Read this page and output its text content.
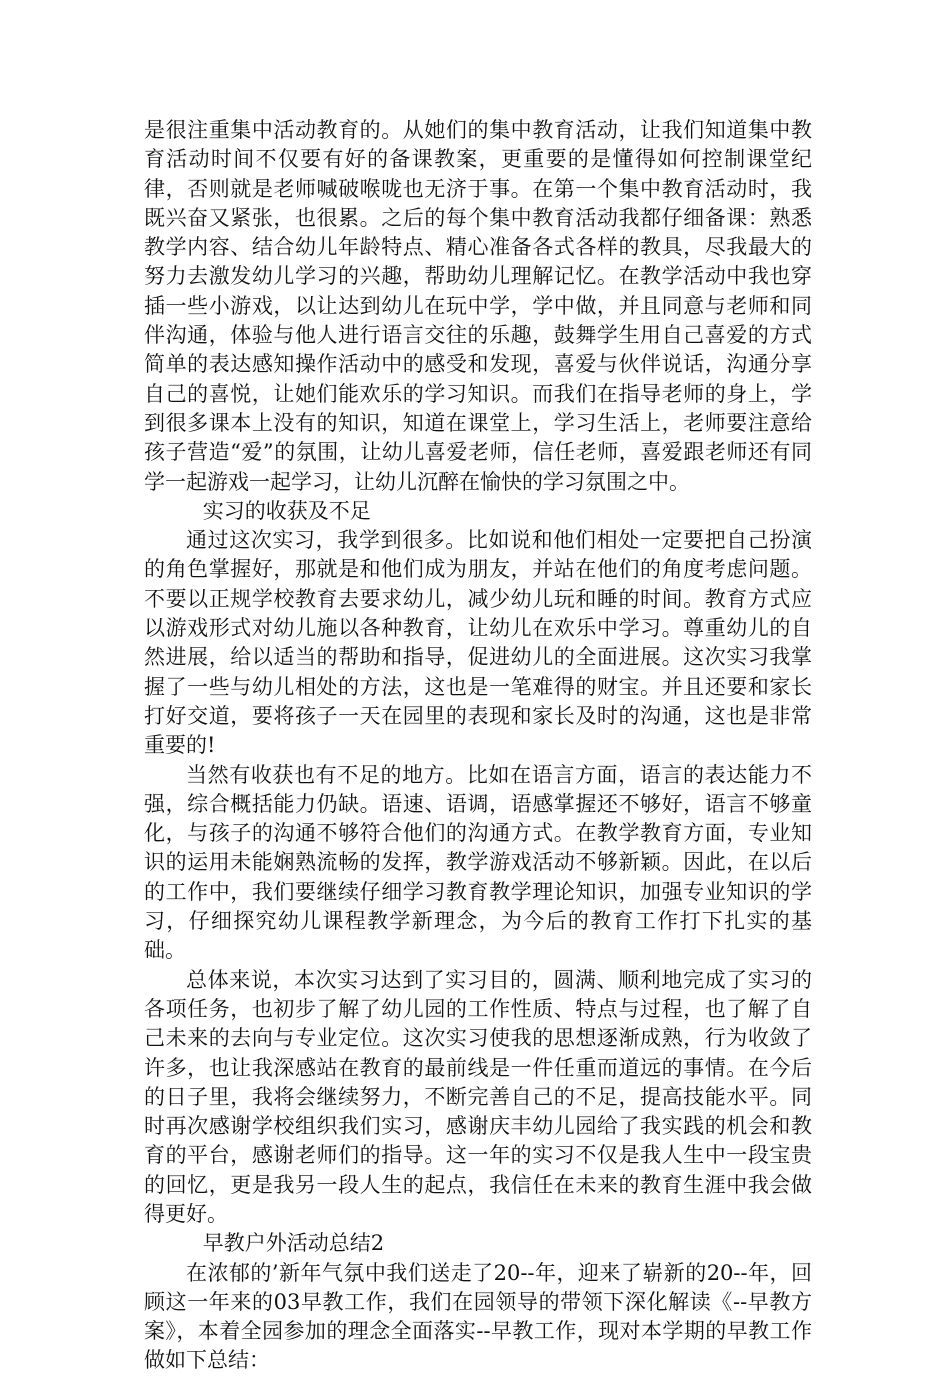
是很注重集中活动教育的。从她们的集中教育活动，让我们知道集中教育活动时间不仅要有好的备课教案，更重要的是懂得如何控制课堂纪律，否则就是老师喊破喉咙也无济于事。在第一个集中教育活动时，我既兴奋又紧张，也很累。之后的每个集中教育活动我都仔细备课：熟悉教学内容、结合幼儿年龄特点、精心准备各式各样的教具，尽我最大的努力去激发幼儿学习的兴趣，帮助幼儿理解记忆。在教学活动中我也穿插一些小游戏，以让达到幼儿在玩中学，学中做，并且同意与老师和同伴沟通，体验与他人进行语言交往的乐趣，鼓舞学生用自己喜爱的方式简单的表达感知操作活动中的感受和发现，喜爱与伙伴说话，沟通分享自己的喜悦，让她们能欢乐的学习知识。而我们在指导老师的身上，学到很多课本上没有的知识，知道在课堂上，学习生活上，老师要注意给孩子营造“爱”的氛围，让幼儿喜爱老师，信任老师，喜爱跟老师还有同学一起游戏一起学习，让幼儿沉醉在愉快的学习氛围之中。

实习的收获及不足

通过这次实习，我学到很多。比如说和他们相处一定要把自己扮演的角色掌握好，那就是和他们成为朋友，并站在他们的角度考虑问题。不要以正规学校教育去要求幼儿，减少幼儿玩和睡的时间。教育方式应以游戏形式对幼儿施以各种教育，让幼儿在欢乐中学习。尊重幼儿的自然进展，给以适当的帮助和指导，促进幼儿的全面进展。这次实习我掌握了一些与幼儿相处的方法，这也是一笔难得的财宝。并且还要和家长打好交道，要将孩子一天在园里的表现和家长及时的沟通，这也是非常重要的!

当然有收获也有不足的地方。比如在语言方面，语言的表达能力不强，综合概括能力仍缺。语速、语调，语感掌握还不够好，语言不够童化，与孩子的沟通不够符合他们的沟通方式。在教学教育方面，专业知识的运用未能娴熟流畅的发挥，教学游戏活动不够新颖。因此，在以后的工作中，我们要继续仔细学习教育教学理论知识，加强专业知识的学习，仔细探究幼儿课程教学新理念，为今后的教育工作打下扎实的基础。

总体来说，本次实习达到了实习目的，圆满、顺利地完成了实习的各项任务，也初步了解了幼儿园的工作性质、特点与过程，也了解了自己未来的去向与专业定位。这次实习使我的思想逐渐成熟，行为收敛了许多，也让我深感站在教育的最前线是一件任重而道远的事情。在今后的日子里，我将会继续努力，不断完善自己的不足，提高技能水平。同时再次感谢学校组织我们实习，感谢庆丰幼儿园给了我实践的机会和教育的平台，感谢老师们的指导。这一年的实习不仅是我人生中一段宝贵的回忆，更是我另一段人生的起点，我信任在未来的教育生涯中我会做得更好。

早教户外活动总结2

在浓郁的’新年气氛中我们送走了20--年，迎来了崭新的20--年，回顾这一年来的03早教工作，我们在园领导的带领下深化解读《--早教方案》，本着全园参加的理念全面落实--早教工作，现对本学期的早教工作做如下总结：
